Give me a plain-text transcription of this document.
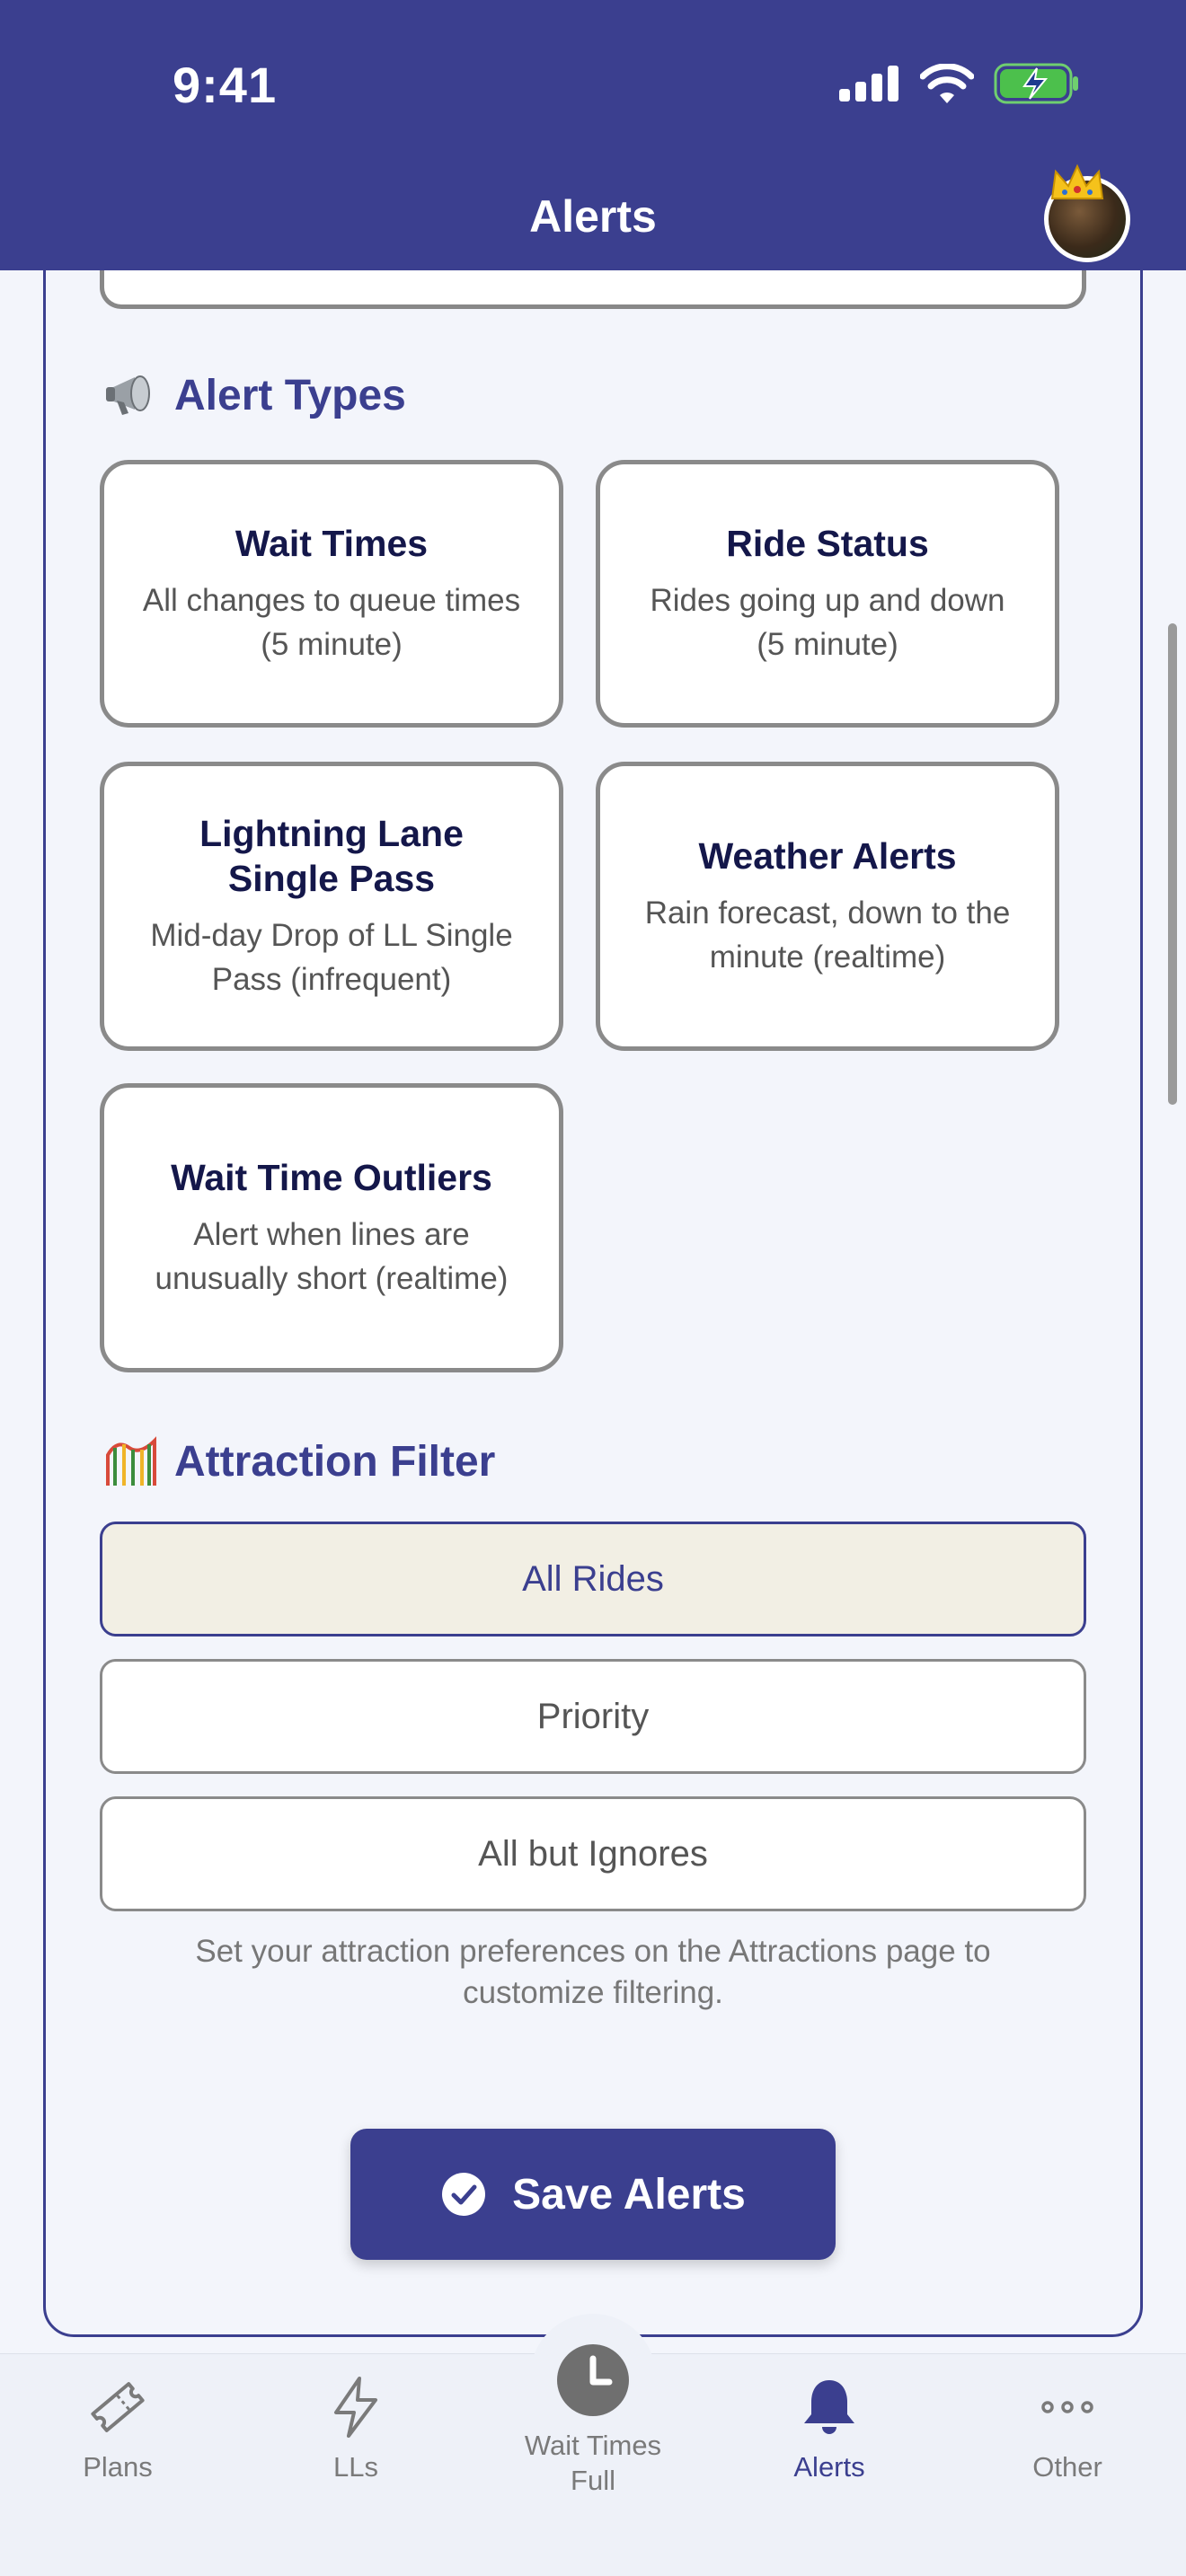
9:41
Alerts
Alert Types
Wait Times
All changes to queue times (5 minute)
Ride Status
Rides going up and down (5 minute)
Lightning Lane Single Pass
Mid-day Drop of LL Single Pass (infrequent)
Weather Alerts
Rain forecast, down to the minute (realtime)
Wait Time Outliers
Alert when lines are unusually short (realtime)
Attraction Filter
All Rides
Priority
All but Ignores
Set your attraction preferences on the Attractions page to customize filtering.
Save Alerts
Plans	LLs
Wait Times Full	Alerts	Other
